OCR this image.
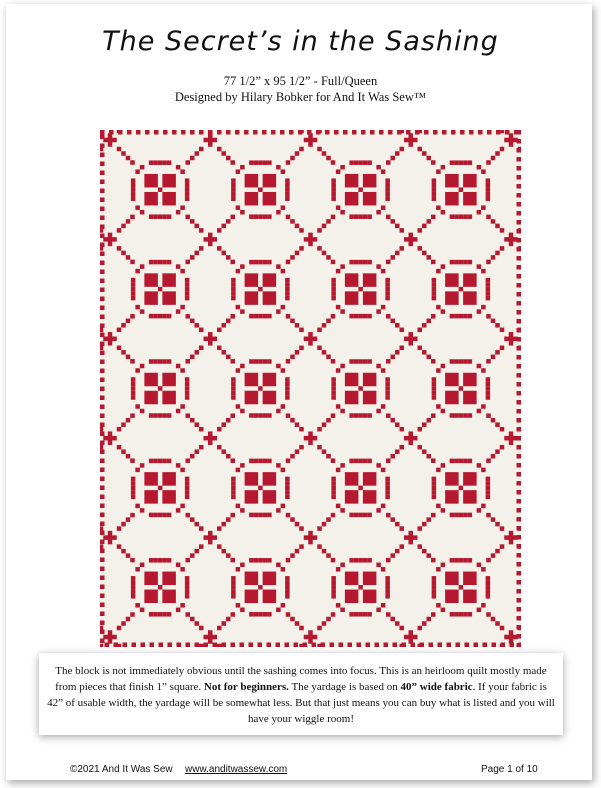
The Secret’s in the Sashing
77 1/2” x 95 1/2” - Full/Queen
Designed by Hilary Bobker for And It Was Sew™
The block is not immediately obvious until the sashing comes into focus. This is an heirloom quilt mostly made from pieces that finish 1” square. Not for beginners. The yardage is based on 40” wide fabric. If your fabric is 42” of usable width, the yardage will be somewhat less. But that just means you can buy what is listed and you will have your wiggle room!
©2021 And It Was Sew www.anditwassew.com	Page 1 of 10
